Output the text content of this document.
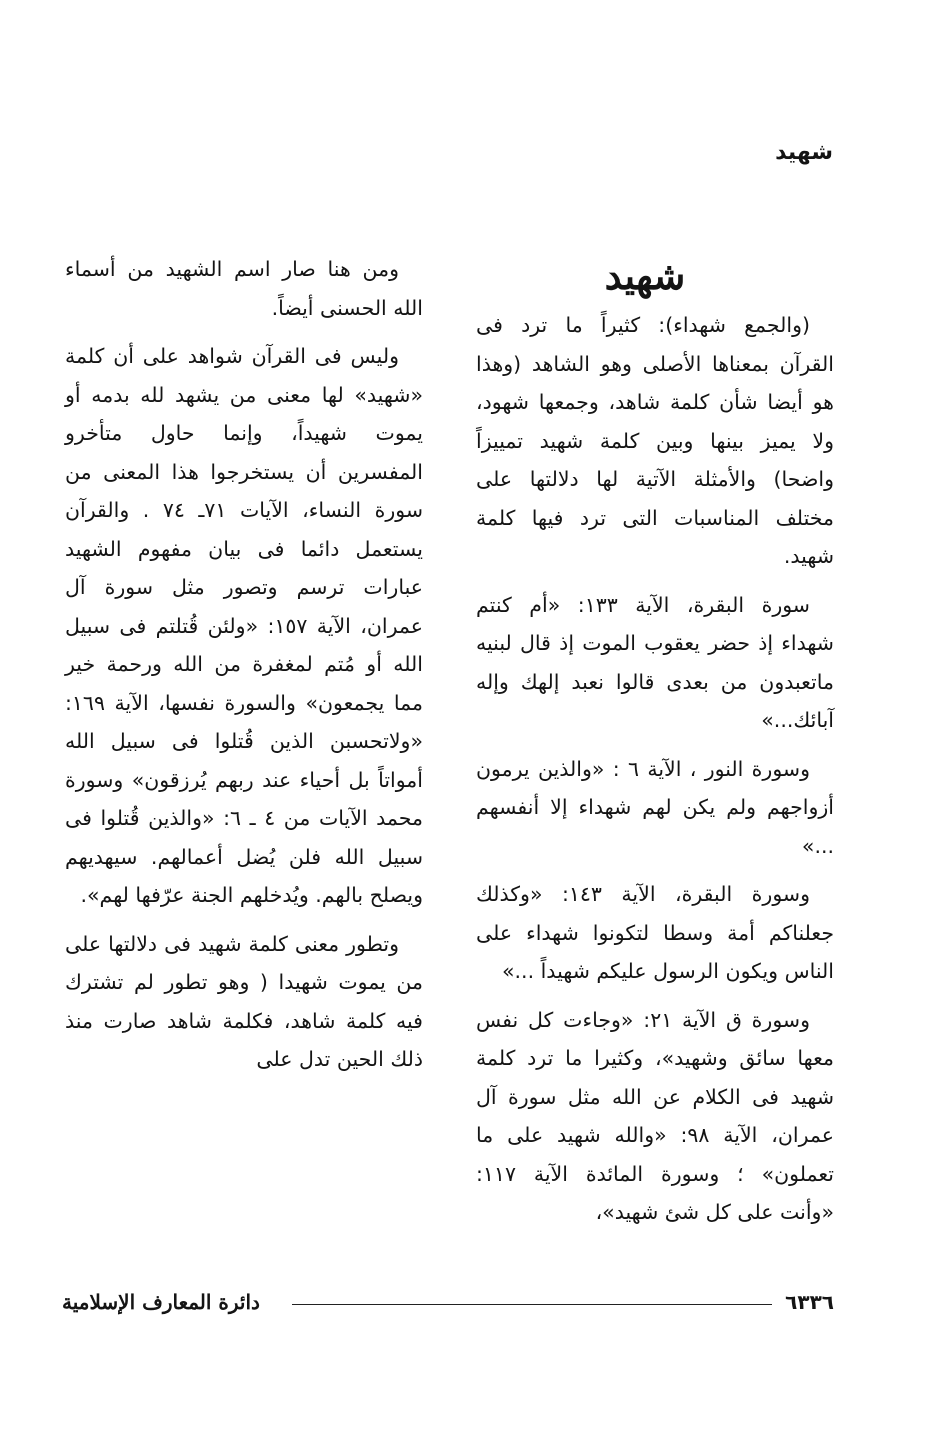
شهيد
شهيد

(والجمع شهداء): كثيراً ما ترد فى القرآن بمعناها الأصلى وهو الشاهد (وهذا هو أيضا شأن كلمة شاهد، وجمعها شهود، ولا يميز بينها وبين كلمة شهيد تمييزاً واضحا) والأمثلة الآتية لها دلالتها على مختلف المناسبات التى ترد فيها كلمة شهيد.

سورة البقرة، الآية ١٣٣: «أم كنتم شهداء إذ حضر يعقوب الموت إذ قال لبنيه ماتعبدون من بعدى قالوا نعبد إلهك وإله آبائك...»

وسورة النور ، الآية ٦ : «والذين يرمون أزواجهم ولم يكن لهم شهداء إلا أنفسهم ...»

وسورة البقرة، الآية ١٤٣: «وكذلك جعلناكم أمة وسطا لتكونوا شهداء على الناس ويكون الرسول عليكم شهيداً ...»

وسورة ق الآية ٢١: «وجاءت كل نفس معها سائق وشهيد»، وكثيرا ما ترد كلمة شهيد فى الكلام عن الله مثل سورة آل عمران، الآية ٩٨: «والله شهيد على ما تعملون» ؛ وسورة المائدة الآية ١١٧: «وأنت على كل شئ شهيد»،

ومن هنا صار اسم الشهيد من أسماء الله الحسنى أيضاً.

وليس فى القرآن شواهد على أن كلمة «شهيد» لها معنى من يشهد لله بدمه أو يموت شهيداً، وإنما حاول متأخرو المفسرين أن يستخرجوا هذا المعنى من سورة النساء، الآيات ٧١ـ ٧٤ . والقرآن يستعمل دائما فى بيان مفهوم الشهيد عبارات ترسم وتصور مثل سورة آل عمران، الآية ١٥٧: «ولئن قُتلتم فى سبيل الله أو مُتم لمغفرة من الله ورحمة خير مما يجمعون» والسورة نفسها، الآية ١٦٩: «ولاتحسبن الذين قُتلوا فى سبيل الله أمواتاً بل أحياء عند ربهم يُرزقون» وسورة محمد الآيات من ٤ ـ ٦: «والذين قُتلوا فى سبيل الله فلن يُضل أعمالهم. سيهديهم ويصلح بالهم. ويُدخلهم الجنة عرّفها لهم».

وتطور معنى كلمة شهيد فى دلالتها على من يموت شهيدا ( وهو تطور لم تشترك فيه كلمة شاهد، فكلمة شاهد صارت منذ ذلك الحين تدل على

٦٣٣٦
دائرة المعارف الإسلامية
